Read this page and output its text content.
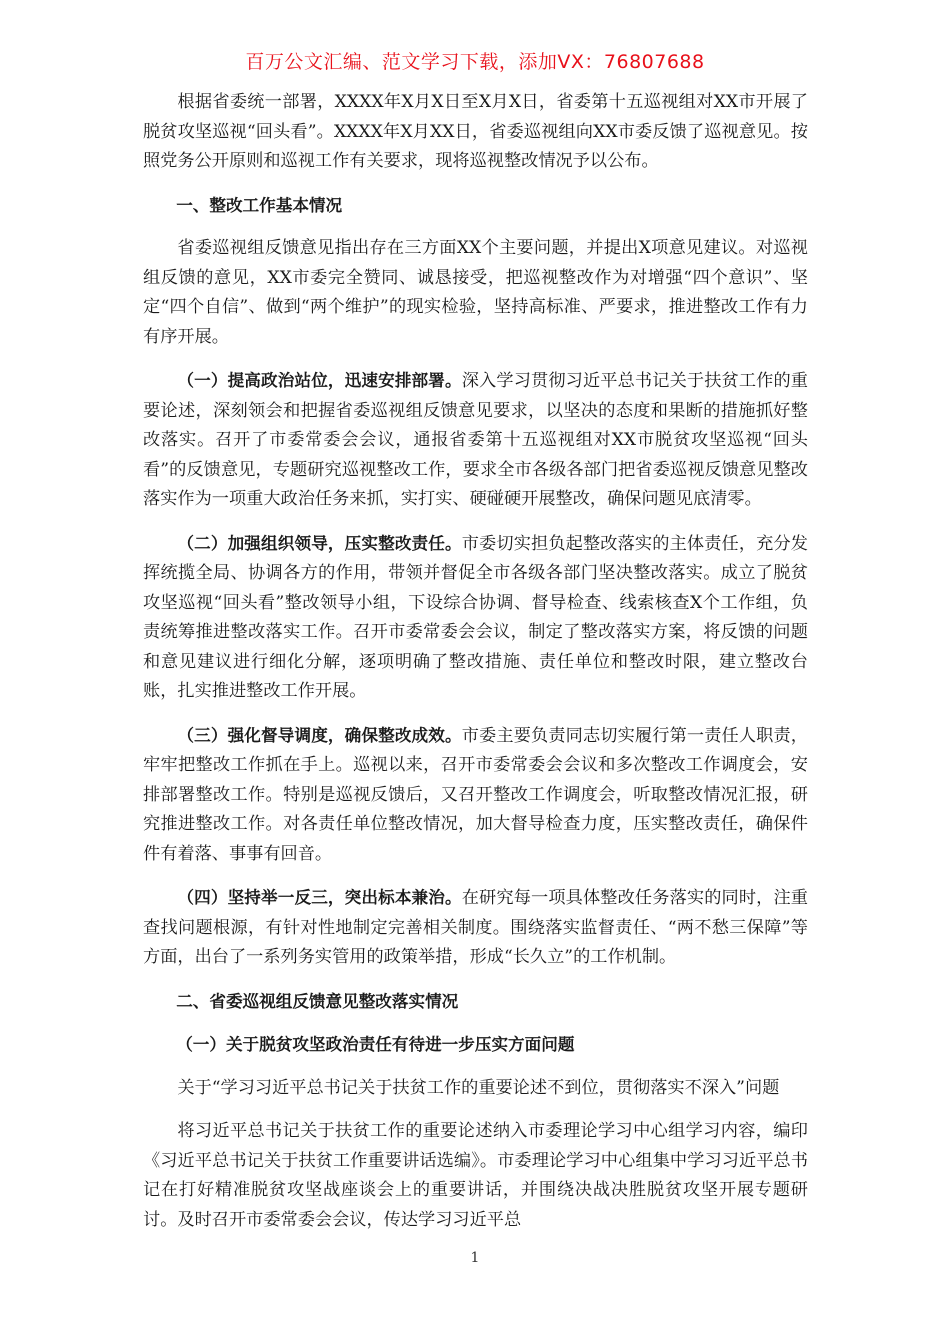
百万公文汇编、范文学习下载，添加VX：76807688

根据省委统一部署，XXXX年X月X日至X月X日，省委第十五巡视组对XX市开展了脱贫攻坚巡视“回头看”。XXXX年X月XX日，省委巡视组向XX市委反馈了巡视意见。按照党务公开原则和巡视工作有关要求，现将巡视整改情况予以公布。

一、整改工作基本情况

省委巡视组反馈意见指出存在三方面XX个主要问题，并提出X项意见建议。对巡视组反馈的意见，XX市委完全赞同、诚恳接受，把巡视整改作为对增强“四个意识”、坚定“四个自信”、做到“两个维护”的现实检验，坚持高标准、严要求，推进整改工作有力有序开展。

（一）提高政治站位，迅速安排部署。深入学习贯彻习近平总书记关于扶贫工作的重要论述，深刻领会和把握省委巡视组反馈意见要求，以坚决的态度和果断的措施抓好整改落实。召开了市委常委会会议，通报省委第十五巡视组对XX市脱贫攻坚巡视“回头看”的反馈意见，专题研究巡视整改工作，要求全市各级各部门把省委巡视反馈意见整改落实作为一项重大政治任务来抓，实打实、硬碰硬开展整改，确保问题见底清零。

（二）加强组织领导，压实整改责任。市委切实担负起整改落实的主体责任，充分发挥统揽全局、协调各方的作用，带领并督促全市各级各部门坚决整改落实。成立了脱贫攻坚巡视“回头看”整改领导小组，下设综合协调、督导检查、线索核查X个工作组，负责统筹推进整改落实工作。召开市委常委会会议，制定了整改落实方案，将反馈的问题和意见建议进行细化分解，逐项明确了整改措施、责任单位和整改时限，建立整改台账，扎实推进整改工作开展。

（三）强化督导调度，确保整改成效。市委主要负责同志切实履行第一责任人职责，牢牢把整改工作抓在手上。巡视以来，召开市委常委会会议和多次整改工作调度会，安排部署整改工作。特别是巡视反馈后，又召开整改工作调度会，听取整改情况汇报，研究推进整改工作。对各责任单位整改情况，加大督导检查力度，压实整改责任，确保件件有着落、事事有回音。

（四）坚持举一反三，突出标本兼治。在研究每一项具体整改任务落实的同时，注重查找问题根源，有针对性地制定完善相关制度。围绕落实监督责任、“两不愁三保障”等方面，出台了一系列务实管用的政策举措，形成“长久立”的工作机制。

二、省委巡视组反馈意见整改落实情况

（一）关于脱贫攻坚政治责任有待进一步压实方面问题

关于“学习习近平总书记关于扶贫工作的重要论述不到位，贯彻落实不深入”问题

将习近平总书记关于扶贫工作的重要论述纳入市委理论学习中心组学习内容，编印《习近平总书记关于扶贫工作重要讲话选编》。市委理论学习中心组集中学习习近平总书记在打好精准脱贫攻坚战座谈会上的重要讲话，并围绕决战决胜脱贫攻坚开展专题研讨。及时召开市委常委会会议，传达学习习近平总

1
